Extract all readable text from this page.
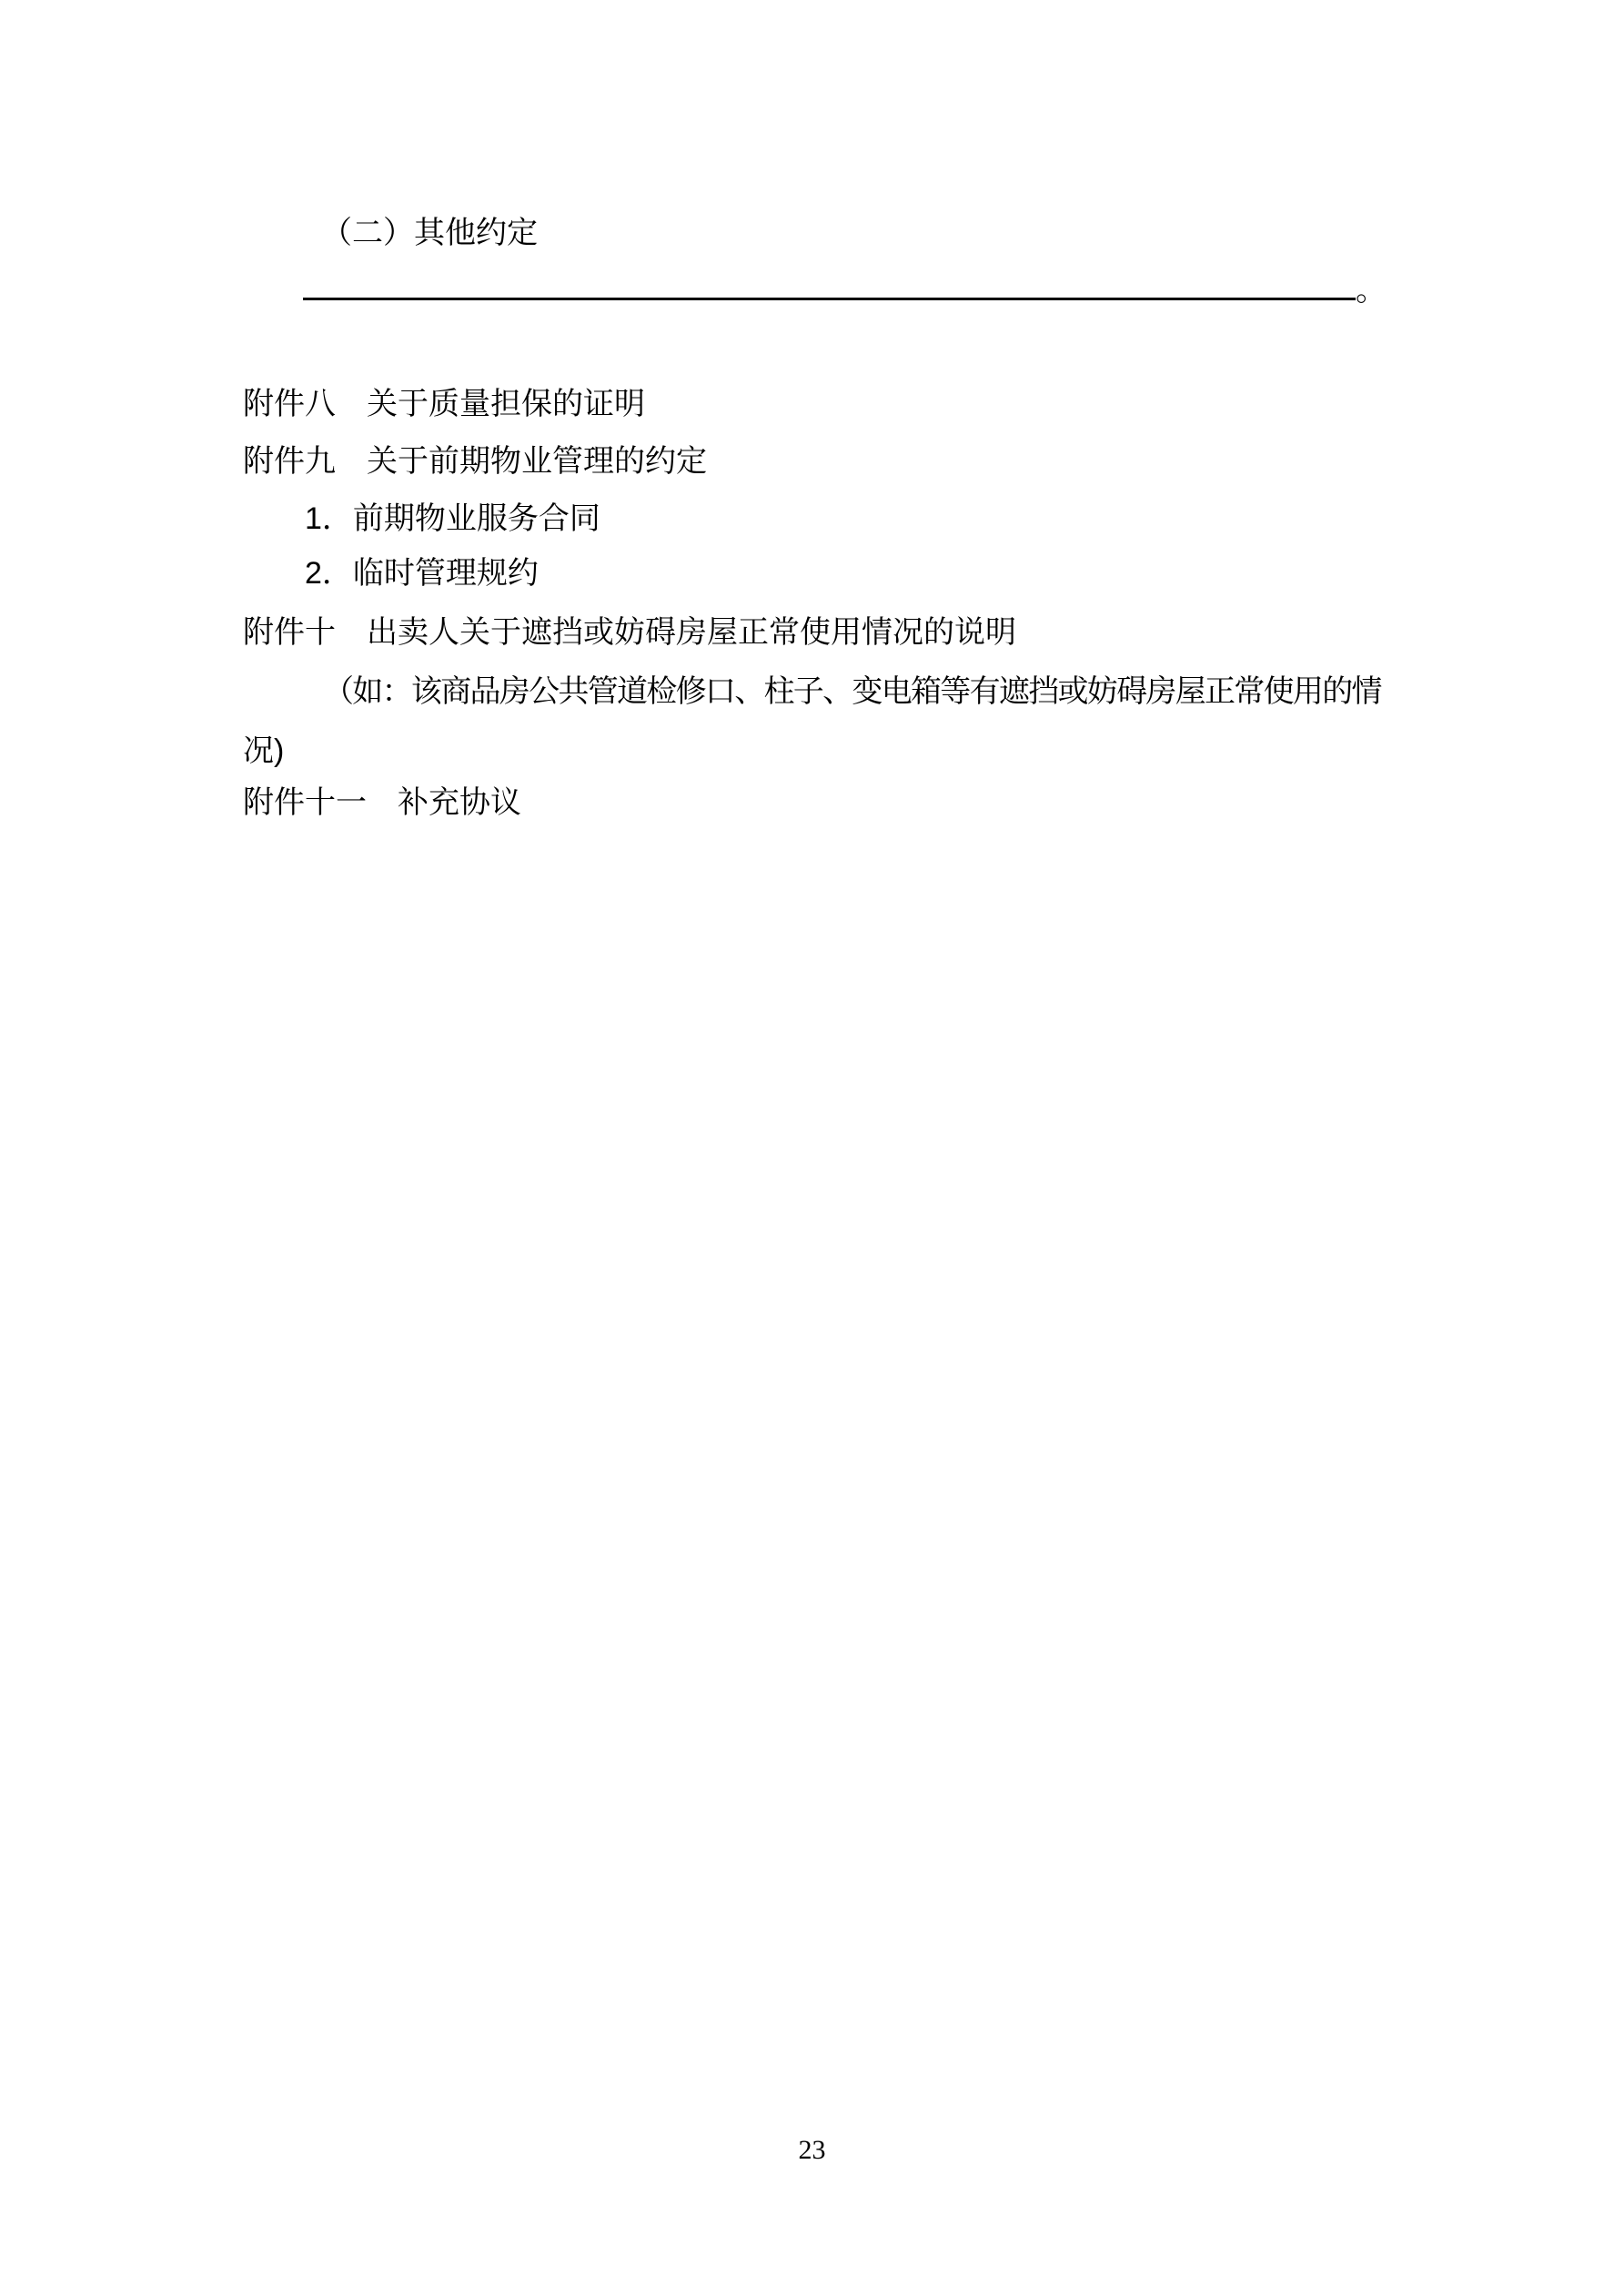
（二）其他约定
。
附件八 关于质量担保的证明
附件九 关于前期物业管理的约定
1．前期物业服务合同
2．临时管理规约
附件十 出卖人关于遮挡或妨碍房屋正常使用情况的说明
（如：该商品房公共管道检修口、柱子、变电箱等有遮挡或妨碍房屋正常使用的情
况)
附件十一 补充协议
23
